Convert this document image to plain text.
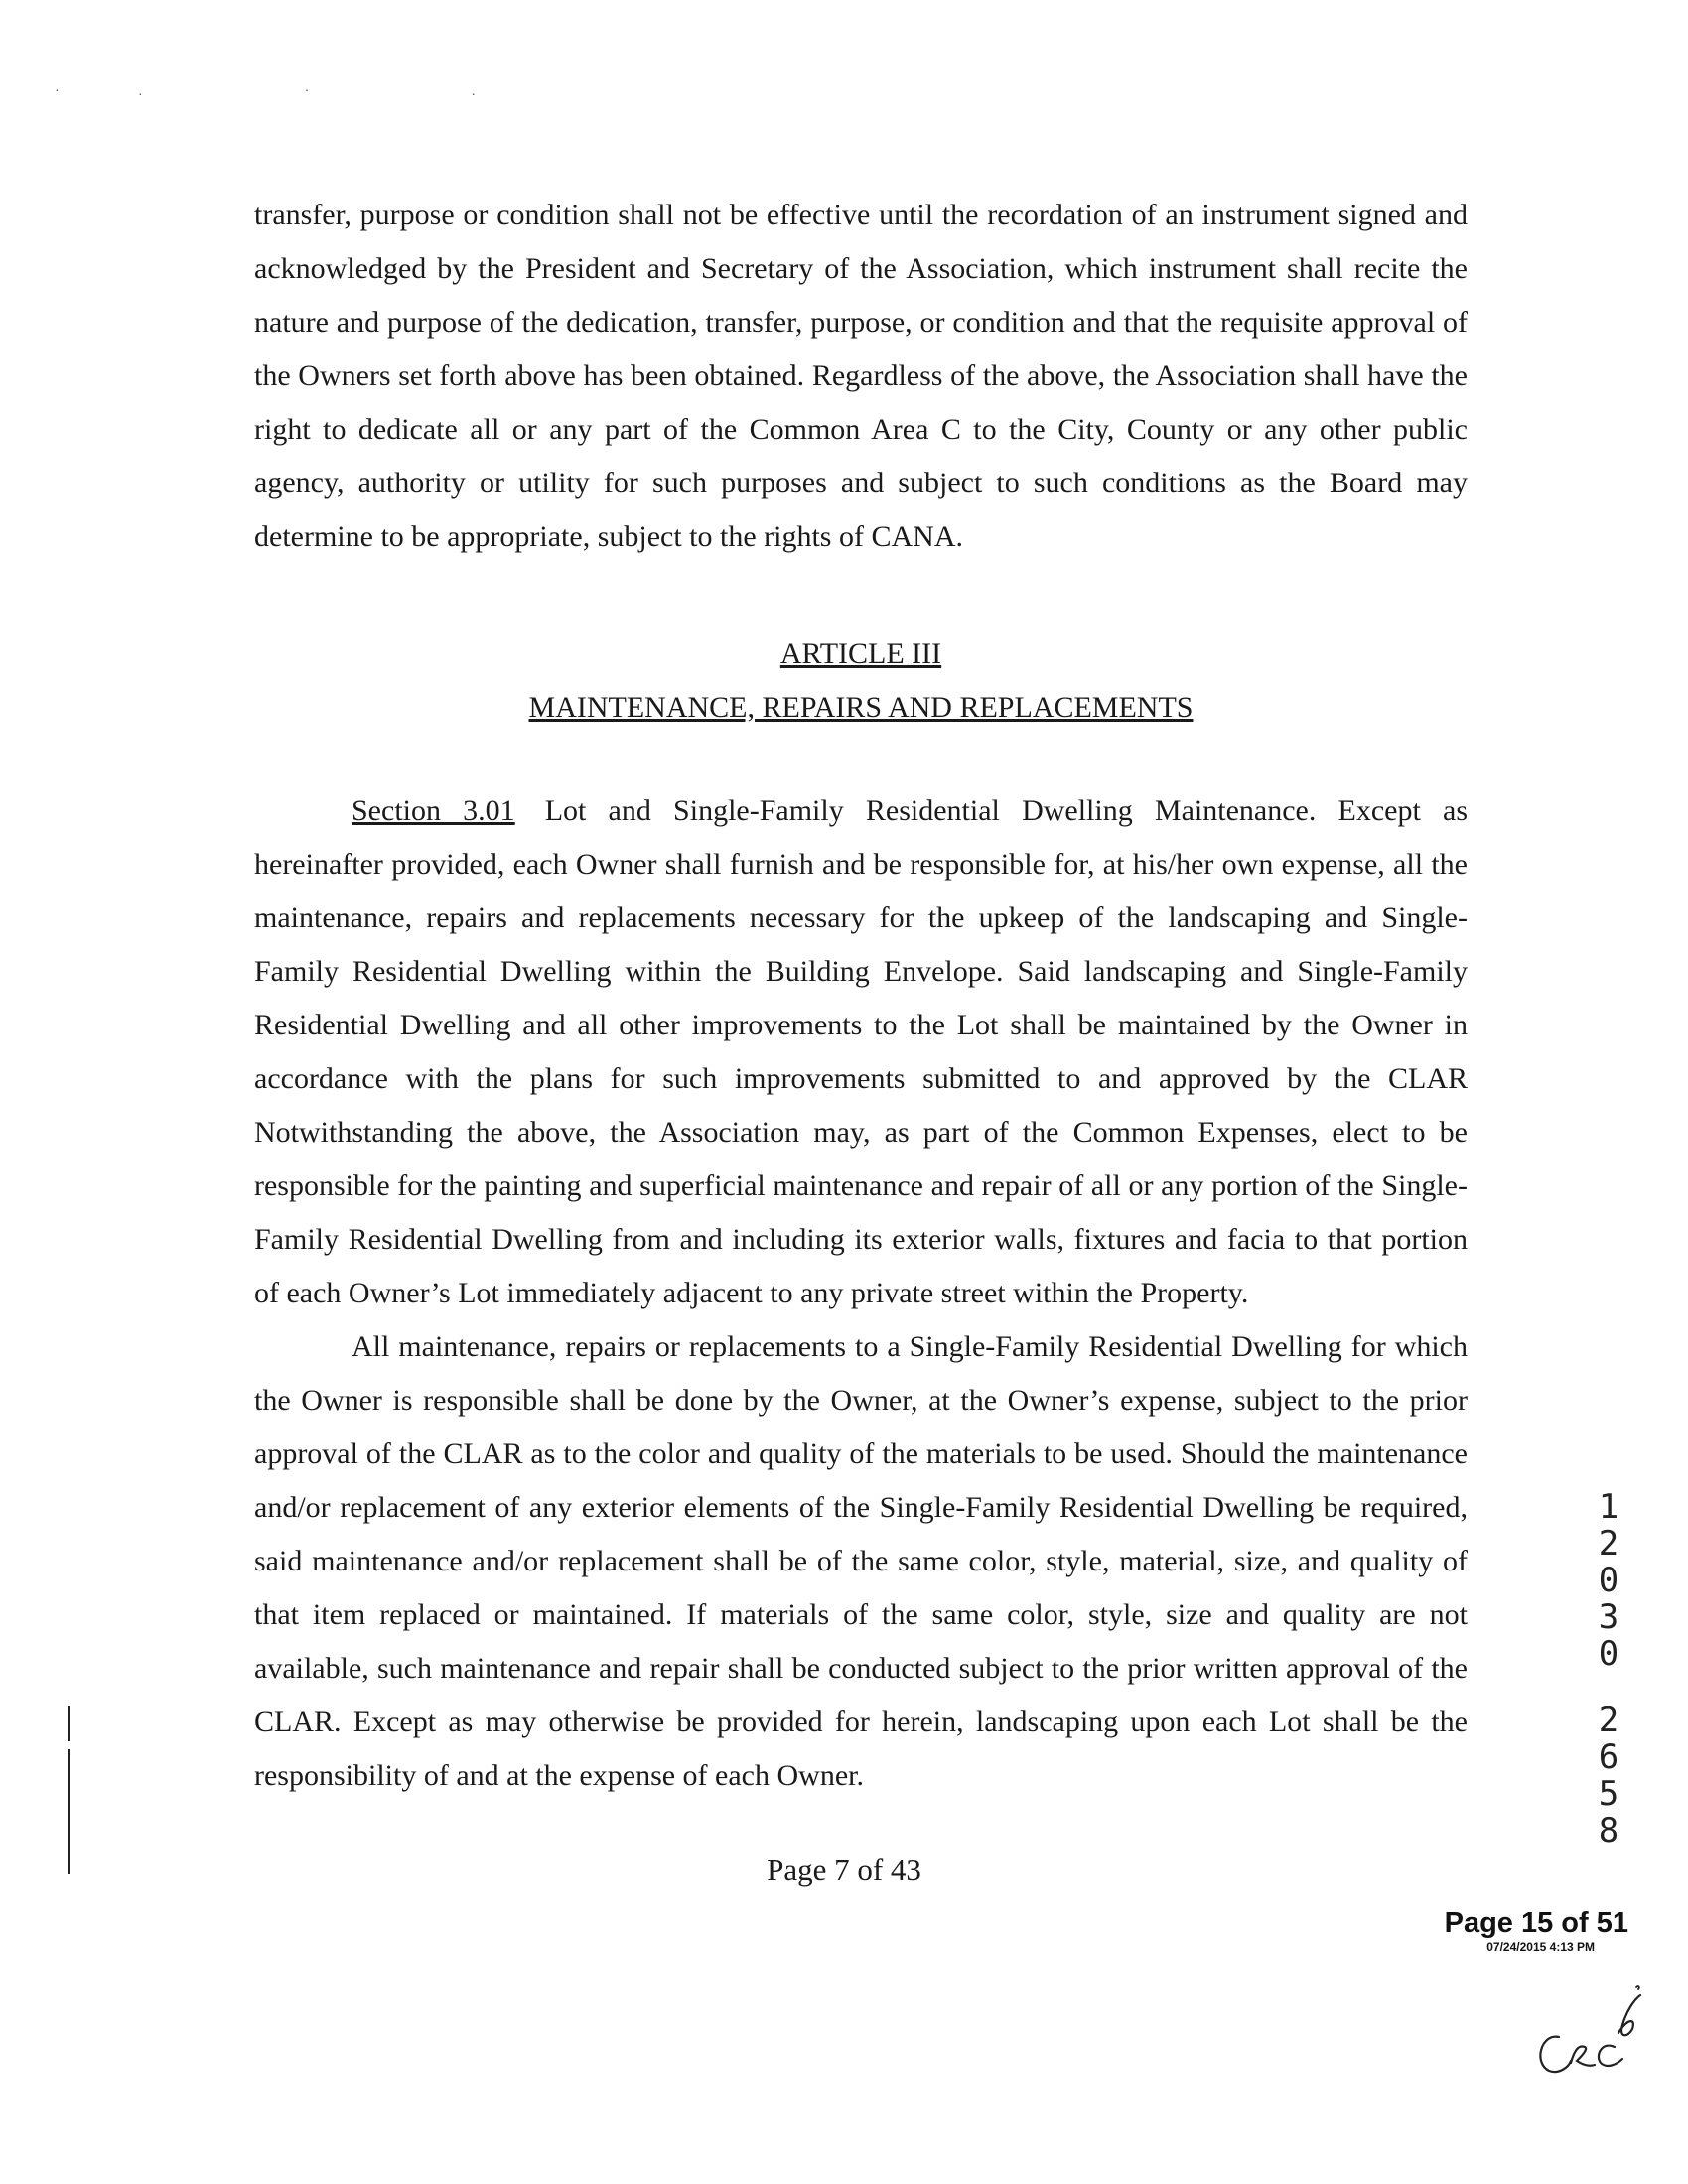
·. · .

transfer, purpose or condition shall not be effective until the recordation of an instrument signed and acknowledged by the President and Secretary of the Association, which instrument shall recite the nature and purpose of the dedication, transfer, purpose, or condition and that the requisite approval of the Owners set forth above has been obtained. Regardless of the above, the Association shall have the right to dedicate all or any part of the Common Area C to the City, County or any other public agency, authority or utility for such purposes and subject to such conditions as the Board may determine to be appropriate, subject to the rights of CANA.

ARTICLE III
MAINTENANCE, REPAIRS AND REPLACEMENTS

Section 3.01 Lot and Single-Family Residential Dwelling Maintenance. Except as hereinafter provided, each Owner shall furnish and be responsible for, at his/her own expense, all the maintenance, repairs and replacements necessary for the upkeep of the landscaping and Single-Family Residential Dwelling within the Building Envelope. Said landscaping and Single-Family Residential Dwelling and all other improvements to the Lot shall be maintained by the Owner in accordance with the plans for such improvements submitted to and approved by the CLAR Notwithstanding the above, the Association may, as part of the Common Expenses, elect to be responsible for the painting and superficial maintenance and repair of all or any portion of the Single-Family Residential Dwelling from and including its exterior walls, fixtures and facia to that portion of each Owner’s Lot immediately adjacent to any private street within the Property.

All maintenance, repairs or replacements to a Single-Family Residential Dwelling for which the Owner is responsible shall be done by the Owner, at the Owner’s expense, subject to the prior approval of the CLAR as to the color and quality of the materials to be used. Should the maintenance and/or replacement of any exterior elements of the Single-Family Residential Dwelling be required, said maintenance and/or replacement shall be of the same color, style, material, size, and quality of that item replaced or maintained. If materials of the same color, style, size and quality are not available, such maintenance and repair shall be conducted subject to the prior written approval of the CLAR. Except as may otherwise be provided for herein, landscaping upon each Lot shall be the responsibility of and at the expense of each Owner.

1
2
0
3
0
2
6
5
8
Page 7 of 43
Page 15 of 51
07/24/2015 4:13 PM
